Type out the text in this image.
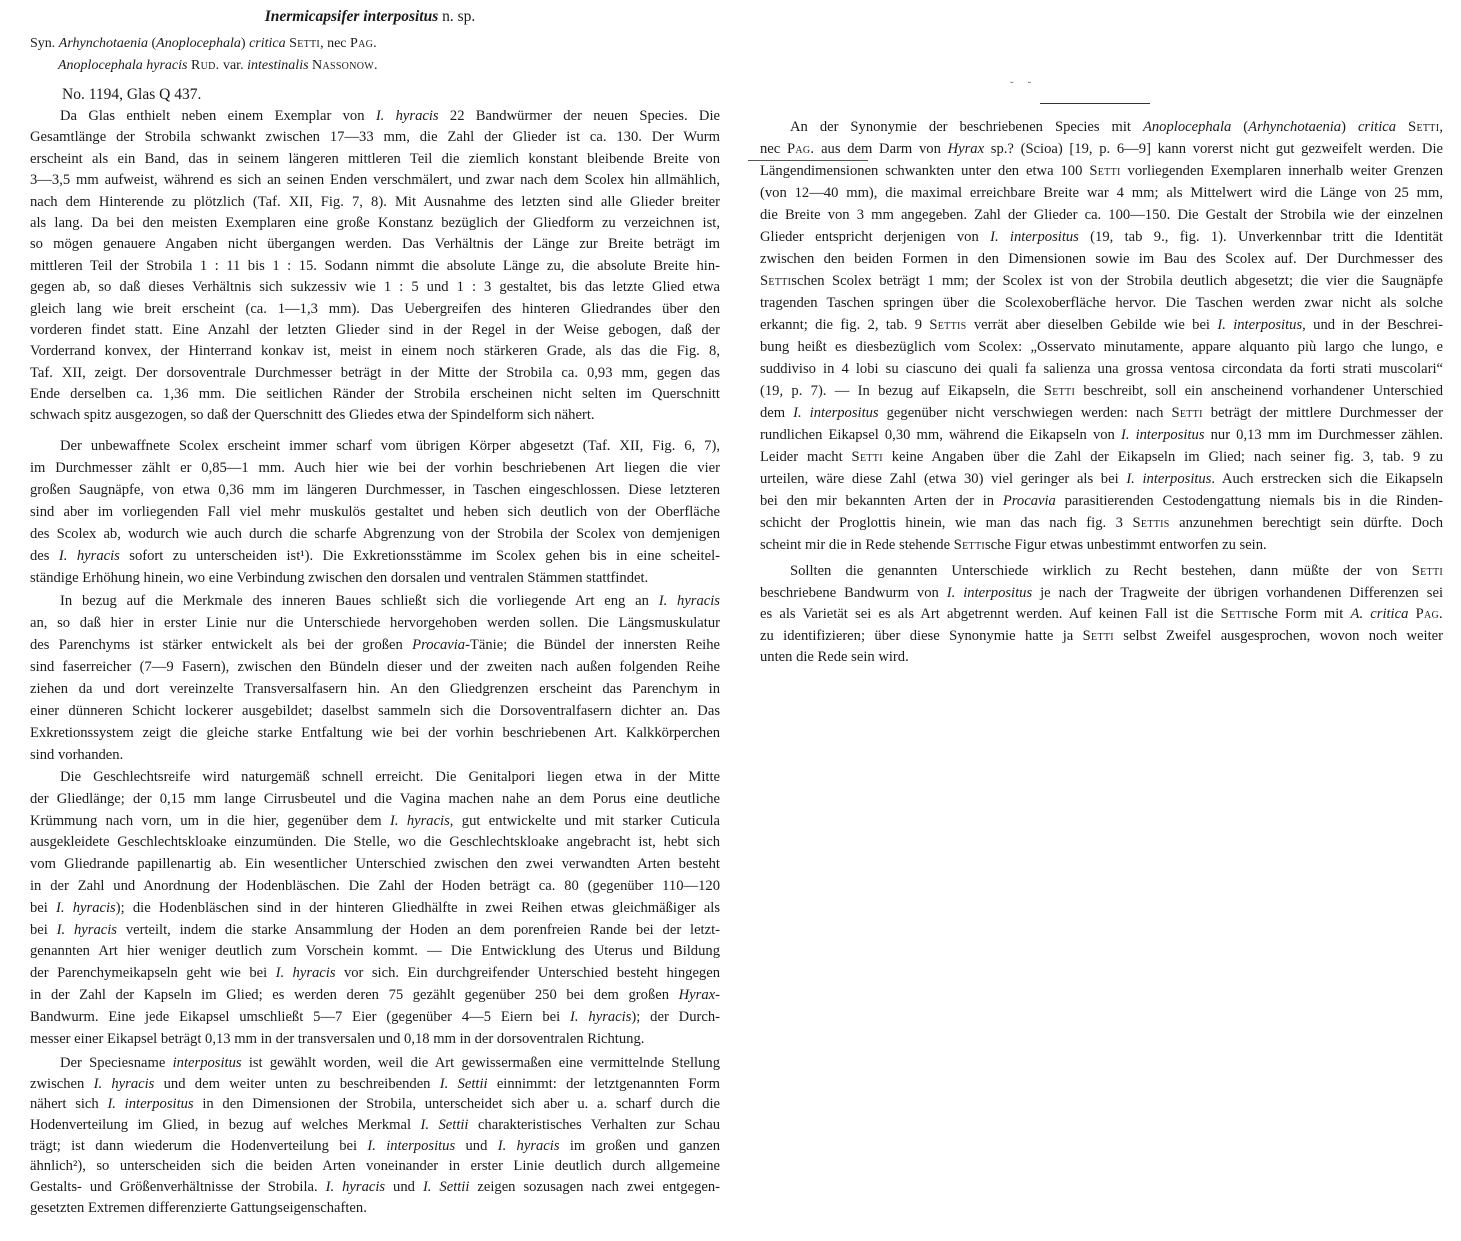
Inermicapsifer interpositus n. sp.
Syn. Arhynchotaenia (Anoplocephala) critica Setti, nec Pag.
Anoplocephala hyracis Rud. var. intestinalis Nassonow.
No. 1194, Glas Q 437.
Da Glas enthielt neben einem Exemplar von I. hyracis 22 Bandwürmer der neuen Species. Die
Gesamtlänge der Strobila schwankt zwischen 17—33 mm, die Zahl der Glieder ist ca. 130. Der Wurm
erscheint als ein Band, das in seinem längeren mittleren Teil die ziemlich konstant bleibende Breite von
3—3,5 mm aufweist, während es sich an seinen Enden verschmälert, und zwar nach dem Scolex hin allmählich,
nach dem Hinterende zu plötzlich (Taf. XII, Fig. 7, 8). Mit Ausnahme des letzten sind alle Glieder breiter
als lang. Da bei den meisten Exemplaren eine große Konstanz bezüglich der Gliedform zu verzeichnen ist,
so mögen genauere Angaben nicht übergangen werden. Das Verhältnis der Länge zur Breite beträgt im
mittleren Teil der Strobila 1 : 11 bis 1 : 15. Sodann nimmt die absolute Länge zu, die absolute Breite hin-
gegen ab, so daß dieses Verhältnis sich sukzessiv wie 1 : 5 und 1 : 3 gestaltet, bis das letzte Glied etwa
gleich lang wie breit erscheint (ca. 1—1,3 mm). Das Uebergreifen des hinteren Gliedrandes über den
vorderen findet statt. Eine Anzahl der letzten Glieder sind in der Regel in der Weise gebogen, daß der
Vorderrand konvex, der Hinterrand konkav ist, meist in einem noch stärkeren Grade, als das die Fig. 8,
Taf. XII, zeigt. Der dorsoventrale Durchmesser beträgt in der Mitte der Strobila ca. 0,93 mm, gegen das
Ende derselben ca. 1,36 mm. Die seitlichen Ränder der Strobila erscheinen nicht selten im Querschnitt
schwach spitz ausgezogen, so daß der Querschnitt des Gliedes etwa der Spindelform sich nähert.
Der unbewaffnete Scolex erscheint immer scharf vom übrigen Körper abgesetzt (Taf. XII, Fig. 6, 7),
im Durchmesser zählt er 0,85—1 mm. Auch hier wie bei der vorhin beschriebenen Art liegen die vier
großen Saugnäpfe, von etwa 0,36 mm im längeren Durchmesser, in Taschen eingeschlossen. Diese letzteren
sind aber im vorliegenden Fall viel mehr muskulös gestaltet und heben sich deutlich von der Oberfläche
des Scolex ab, wodurch wie auch durch die scharfe Abgrenzung von der Strobila der Scolex von demjenigen
des I. hyracis sofort zu unterscheiden ist¹). Die Exkretionsstämme im Scolex gehen bis in eine scheitel-
ständige Erhöhung hinein, wo eine Verbindung zwischen den dorsalen und ventralen Stämmen stattfindet.
In bezug auf die Merkmale des inneren Baues schließt sich die vorliegende Art eng an I. hyracis
an, so daß hier in erster Linie nur die Unterschiede hervorgehoben werden sollen. Die Längsmuskulatur
des Parenchyms ist stärker entwickelt als bei der großen Procavia-Tänie; die Bündel der innersten Reihe
sind faserreicher (7—9 Fasern), zwischen den Bündeln dieser und der zweiten nach außen folgenden Reihe
ziehen da und dort vereinzelte Transversalfasern hin. An den Gliedgrenzen erscheint das Parenchym in
einer dünneren Schicht lockerer ausgebildet; daselbst sammeln sich die Dorsoventralfasern dichter an. Das
Exkretionssystem zeigt die gleiche starke Entfaltung wie bei der vorhin beschriebenen Art. Kalkkörperchen
sind vorhanden.
Die Geschlechtsreife wird naturgemäß schnell erreicht. Die Genitalpori liegen etwa in der Mitte
der Gliedlänge; der 0,15 mm lange Cirrusbeutel und die Vagina machen nahe an dem Porus eine deutliche
Krümmung nach vorn, um in die hier, gegenüber dem I. hyracis, gut entwickelte und mit starker Cuticula
ausgekleidete Geschlechtskloake einzumünden. Die Stelle, wo die Geschlechtskloake angebracht ist, hebt sich
vom Gliedrande papillenartig ab. Ein wesentlicher Unterschied zwischen den zwei verwandten Arten besteht
in der Zahl und Anordnung der Hodenbläschen. Die Zahl der Hoden beträgt ca. 80 (gegenüber 110—120
bei I. hyracis); die Hodenbläschen sind in der hinteren Gliedhälfte in zwei Reihen etwas gleichmäßiger als
bei I. hyracis verteilt, indem die starke Ansammlung der Hoden an dem porenfreien Rande bei der letzt-
genannten Art hier weniger deutlich zum Vorschein kommt. — Die Entwicklung des Uterus und Bildung
der Parenchymeikapseln geht wie bei I. hyracis vor sich. Ein durchgreifender Unterschied besteht hingegen
in der Zahl der Kapseln im Glied; es werden deren 75 gezählt gegenüber 250 bei dem großen Hyrax-
Bandwurm. Eine jede Eikapsel umschließt 5—7 Eier (gegenüber 4—5 Eiern bei I. hyracis); der Durch-
messer einer Eikapsel beträgt 0,13 mm in der transversalen und 0,18 mm in der dorsoventralen Richtung.
Der Speciesname interpositus ist gewählt worden, weil die Art gewissermaßen eine vermittelnde Stellung
zwischen I. hyracis und dem weiter unten zu beschreibenden I. Settii einnimmt: der letztgenannten Form
nähert sich I. interpositus in den Dimensionen der Strobila, unterscheidet sich aber u. a. scharf durch die
Hodenverteilung im Glied, in bezug auf welches Merkmal I. Settii charakteristisches Verhalten zur Schau
trägt; ist dann wiederum die Hodenverteilung bei I. interpositus und I. hyracis im großen und ganzen
ähnlich²), so unterscheiden sich die beiden Arten voneinander in erster Linie deutlich durch allgemeine
Gestalts- und Größenverhältnisse der Strobila. I. hyracis und I. Settii zeigen sozusagen nach zwei entgegen-
gesetzten Extremen differenzierte Gattungseigenschaften.
˘˘
An der Synonymie der beschriebenen Species mit Anoplocephala (Arhynchotaenia) critica Setti,
nec Pag. aus dem Darm von Hyrax sp.? (Scioa) [19, p. 6—9] kann vorerst nicht gut gezweifelt werden. Die
Längendimensionen schwankten unter den etwa 100 Setti vorliegenden Exemplaren innerhalb weiter Grenzen
(von 12—40 mm), die maximal erreichbare Breite war 4 mm; als Mittelwert wird die Länge von 25 mm,
die Breite von 3 mm angegeben. Zahl der Glieder ca. 100—150. Die Gestalt der Strobila wie der einzelnen
Glieder entspricht derjenigen von I. interpositus (19, tab 9., fig. 1). Unverkennbar tritt die Identität
zwischen den beiden Formen in den Dimensionen sowie im Bau des Scolex auf. Der Durchmesser des
Settischen Scolex beträgt 1 mm; der Scolex ist von der Strobila deutlich abgesetzt; die vier die Saugnäpfe
tragenden Taschen springen über die Scolexoberfläche hervor. Die Taschen werden zwar nicht als solche
erkannt; die fig. 2, tab. 9 Settis verrät aber dieselben Gebilde wie bei I. interpositus, und in der Beschrei-
bung heißt es diesbezüglich vom Scolex: „Osservato minutamente, appare alquanto più largo che lungo, e
suddiviso in 4 lobi su ciascuno dei quali fa salienza una grossa ventosa circondata da forti strati muscolari“
(19, p. 7). — In bezug auf Eikapseln, die Setti beschreibt, soll ein anscheinend vorhandener Unterschied
dem I. interpositus gegenüber nicht verschwiegen werden: nach Setti beträgt der mittlere Durchmesser der
rundlichen Eikapsel 0,30 mm, während die Eikapseln von I. interpositus nur 0,13 mm im Durchmesser zählen.
Leider macht Setti keine Angaben über die Zahl der Eikapseln im Glied; nach seiner fig. 3, tab. 9 zu
urteilen, wäre diese Zahl (etwa 30) viel geringer als bei I. interpositus. Auch erstrecken sich die Eikapseln
bei den mir bekannten Arten der in Procavia parasitierenden Cestodengattung niemals bis in die Rinden-
schicht der Proglottis hinein, wie man das nach fig. 3 Settis anzunehmen berechtigt sein dürfte. Doch
scheint mir die in Rede stehende Settische Figur etwas unbestimmt entworfen zu sein.
Sollten die genannten Unterschiede wirklich zu Recht bestehen, dann müßte der von Setti
beschriebene Bandwurm von I. interpositus je nach der Tragweite der übrigen vorhandenen Differenzen sei
es als Varietät sei es als Art abgetrennt werden. Auf keinen Fall ist die Settische Form mit A. critica Pag.
zu identifizieren; über diese Synonymie hatte ja Setti selbst Zweifel ausgesprochen, wovon noch weiter
unten die Rede sein wird.
